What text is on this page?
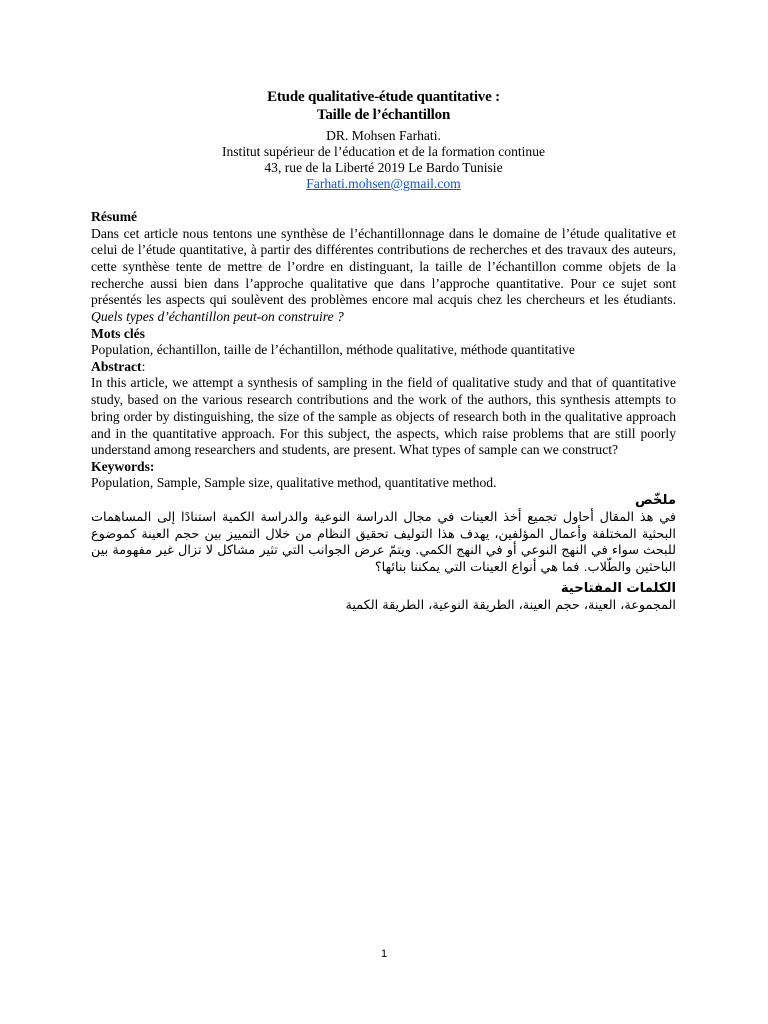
Etude qualitative-étude quantitative :
Taille de l’échantillon
DR. Mohsen Farhati.
Institut supérieur de l’éducation et de la formation continue
43, rue de la Liberté 2019 Le Bardo Tunisie
Farhati.mohsen@gmail.com
Résumé
Dans cet article nous tentons une synthèse de l’échantillonnage dans le domaine de l’étude qualitative et celui de l’étude quantitative, à partir des différentes contributions de recherches et des travaux des auteurs, cette synthèse tente de mettre de l’ordre en distinguant, la taille de l’échantillon comme objets de la recherche aussi bien dans l’approche qualitative que dans l’approche quantitative. Pour ce sujet sont présentés les aspects qui soulèvent des problèmes encore mal acquis chez les chercheurs et les étudiants. Quels types d’échantillon peut-on construire ?
Mots clés
Population, échantillon, taille de l’échantillon, méthode qualitative, méthode quantitative
Abstract:
In this article, we attempt a synthesis of sampling in the field of qualitative study and that of quantitative study, based on the various research contributions and the work of the authors, this synthesis attempts to bring order by distinguishing, the size of the sample as objects of research both in the qualitative approach and in the quantitative approach. For this subject, the aspects, which raise problems that are still poorly understand among researchers and students, are present. What types of sample can we construct?
Keywords:
Population, Sample, Sample size, qualitative method, quantitative method.
ملخّص
في هذ المقال أحاول تجميع أخذ العينات في مجال الدراسة النوعية والدراسة الكمية استنادًا إلى المساهمات البحثية المختلفة وأعمال المؤلفين، يهدف هذا التوليف تحقيق النظام من خلال التمييز بين حجم العينة كموضوع للبحث سواء في النهج النوعي أو في النهج الكمي. ويتمّ عرض الجوانب التي تثير مشاكل لا تزال غير مفهومة بين الباحثين والطّلاب. فما هي أنواع العينات التي يمكننا بنائها؟
الكلمات المفتاحية
المجموعة، العينة، حجم العينة، الطريقة النوعية، الطريقة الكمية
1
